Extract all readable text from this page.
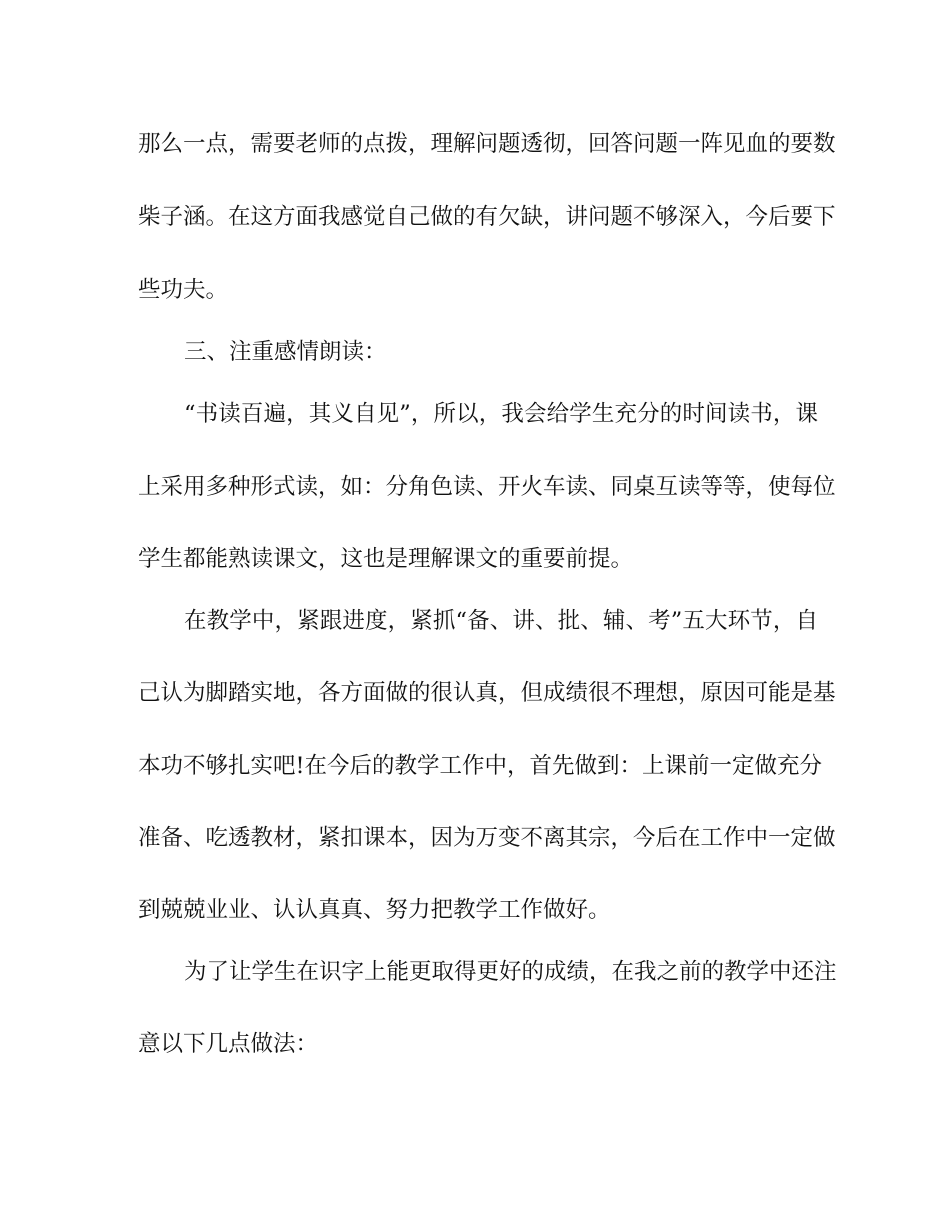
那么一点，需要老师的点拨，理解问题透彻，回答问题一阵见血的要数
柴子涵。在这方面我感觉自己做的有欠缺，讲问题不够深入，今后要下
些功夫。
三、注重感情朗读：
“书读百遍，其义自见”，所以，我会给学生充分的时间读书，课
上采用多种形式读，如：分角色读、开火车读、同桌互读等等，使每位
学生都能熟读课文，这也是理解课文的重要前提。
在教学中，紧跟进度，紧抓“备、讲、批、辅、考”五大环节，自
己认为脚踏实地，各方面做的很认真，但成绩很不理想，原因可能是基
本功不够扎实吧!在今后的教学工作中，首先做到：上课前一定做充分
准备、吃透教材，紧扣课本，因为万变不离其宗，今后在工作中一定做
到兢兢业业、认认真真、努力把教学工作做好。
为了让学生在识字上能更取得更好的成绩，在我之前的教学中还注
意以下几点做法：
